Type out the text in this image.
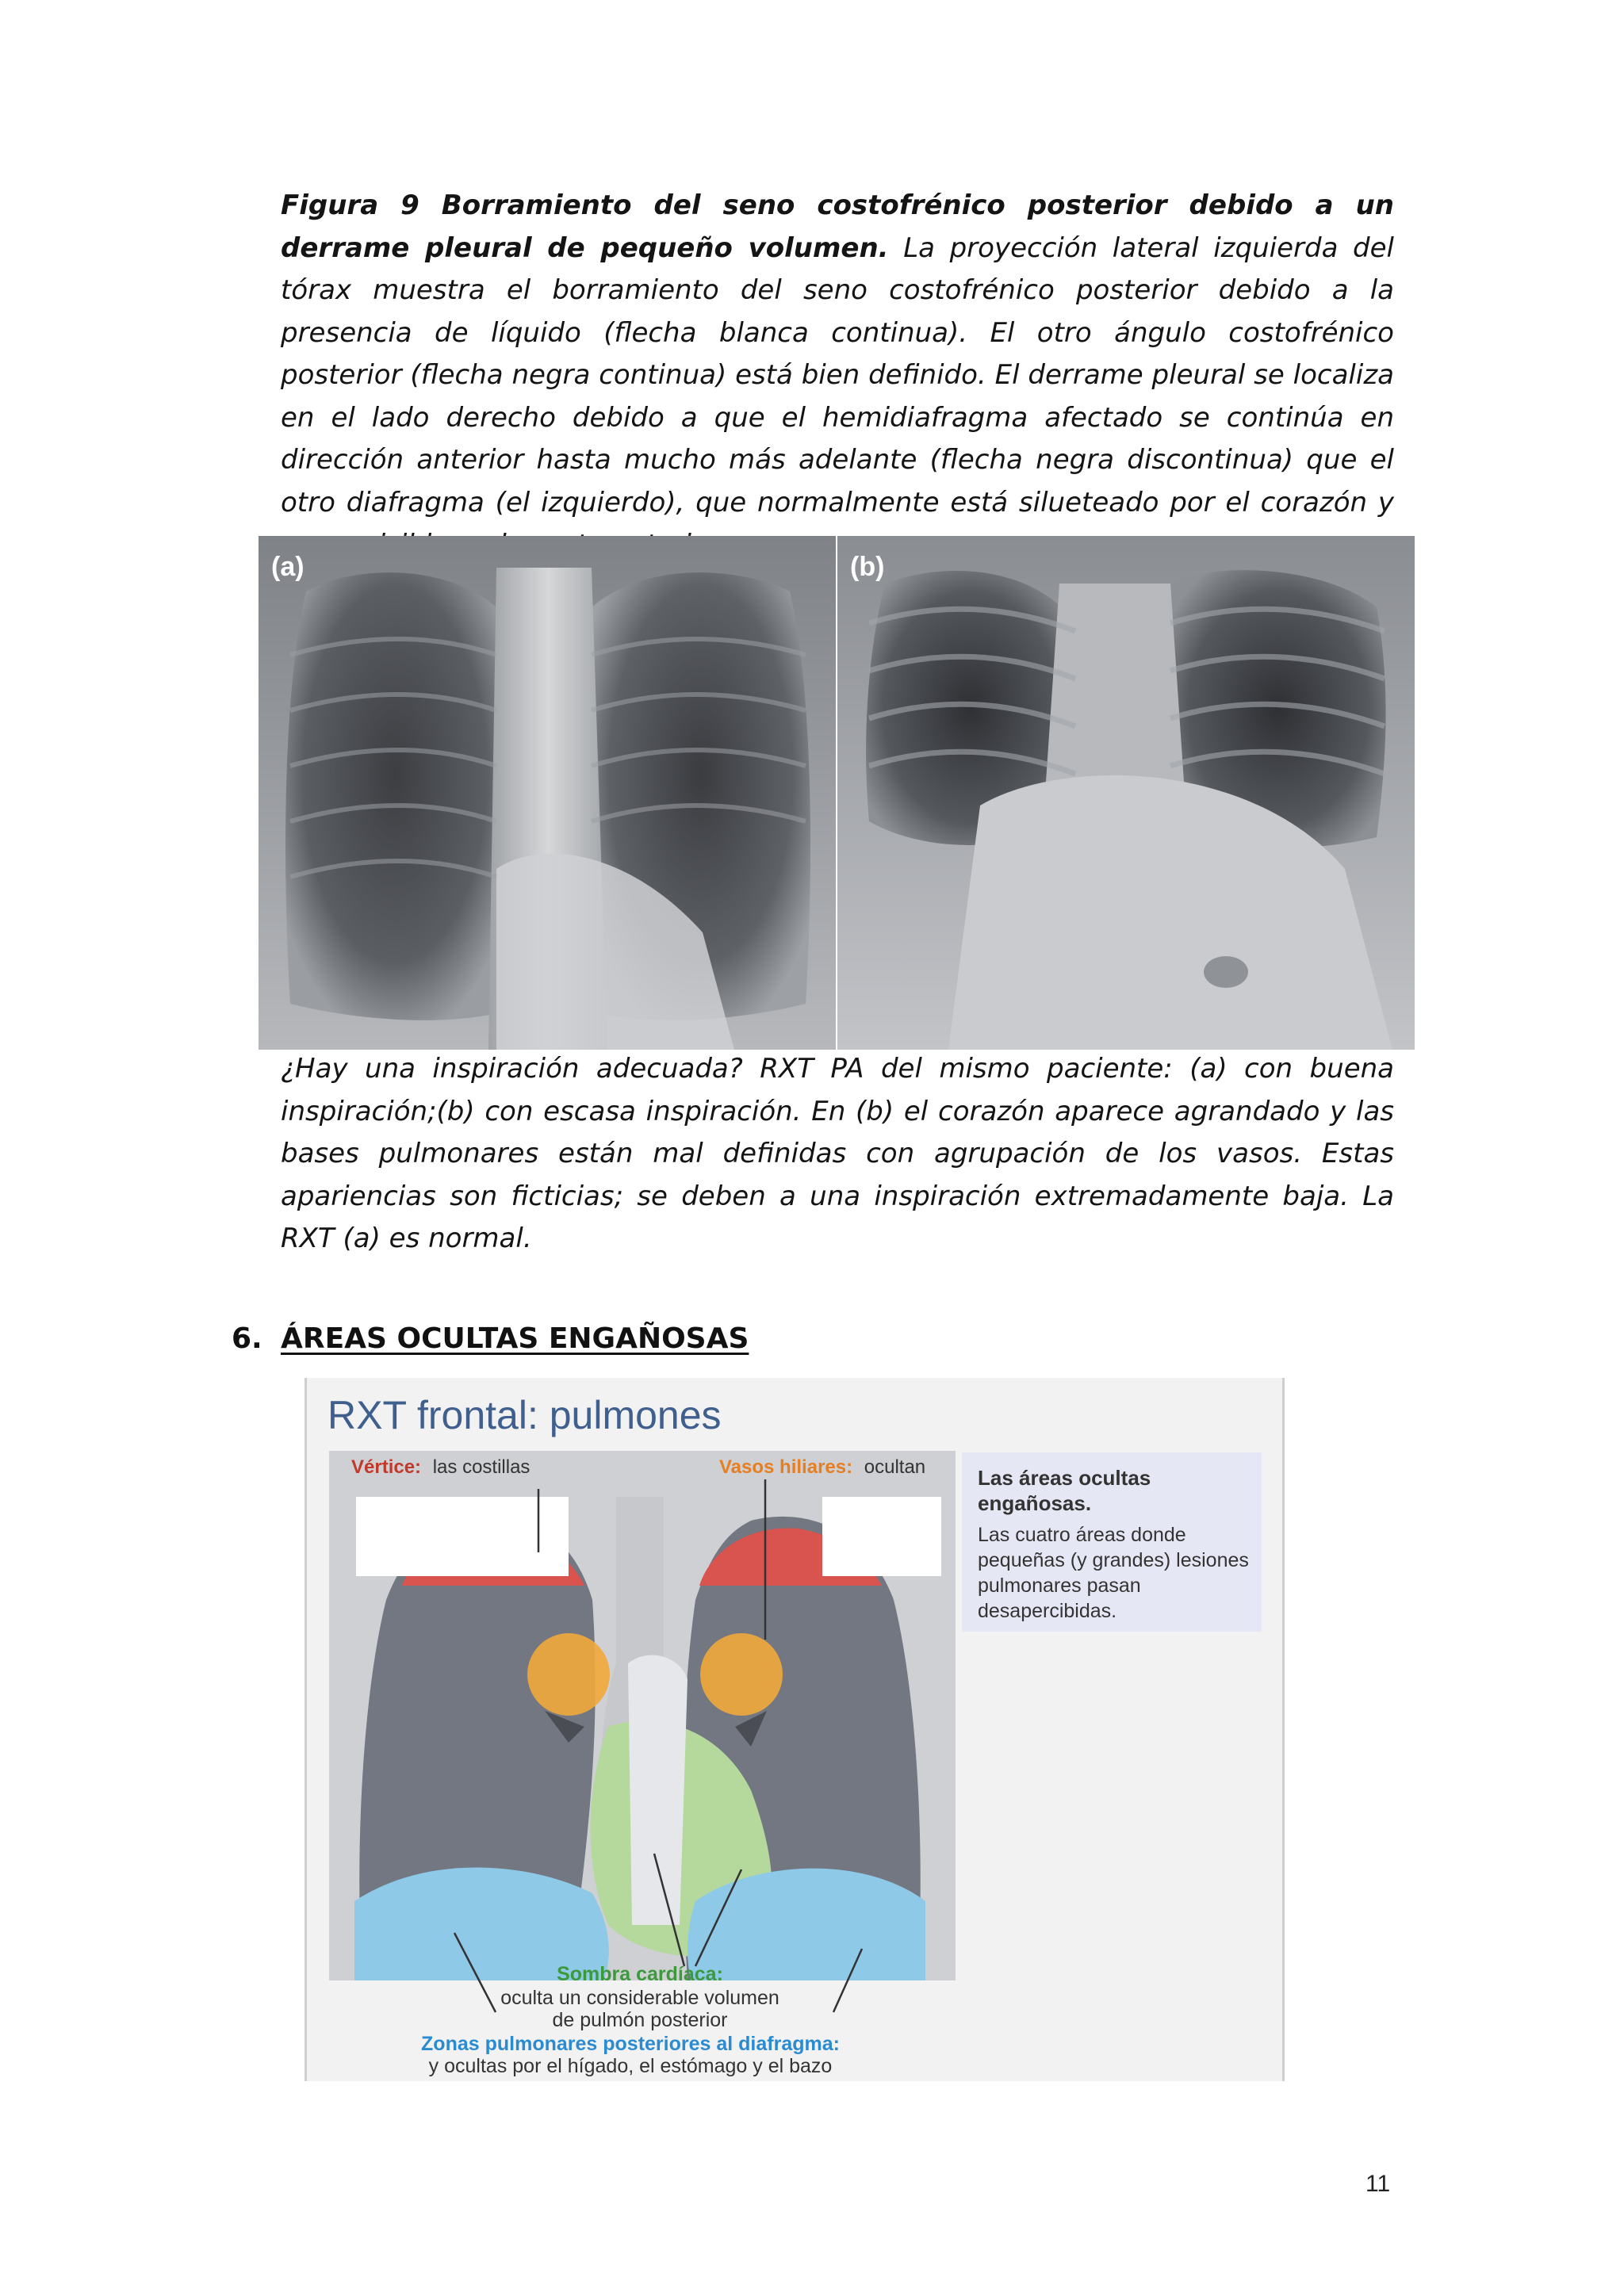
Figura 9 Borramiento del seno costofrénico posterior debido a un derrame pleural de pequeño volumen. La proyección lateral izquierda del tórax muestra el borramiento del seno costofrénico posterior debido a la presencia de líquido (flecha blanca continua). El otro ángulo costofrénico posterior (flecha negra continua) está bien definido. El derrame pleural se localiza en el lado derecho debido a que el hemidiafragma afectado se continúa en dirección anterior hasta mucho más adelante (flecha negra discontinua) que el otro diafragma (el izquierdo), que normalmente está silueteado por el corazón y
(a)	(b)
¿Hay una inspiración adecuada? RXT PA del mismo paciente: (a) con buena inspiración;(b) con escasa inspiración. En (b) el corazón aparece agrandado y las bases pulmonares están mal definidas con agrupación de los vasos. Estas apariencias son ficticias; se deben a una inspiración extremadamente baja. La RXT (a) es normal.
6. ÁREAS OCULTAS ENGAÑOSAS
RXT frontal: pulmones
Vértice: las costillas	Vasos hiliares: ocultan
Sombra cardíaca:
oculta un considerable volumen
de pulmón posterior
Zonas pulmonares posteriores al diafragma:
y ocultas por el hígado, el estómago y el bazo
Las áreas ocultas engañosas.
Las cuatro áreas donde pequeñas (y grandes) lesiones pulmonares pasan desapercibidas.
11
